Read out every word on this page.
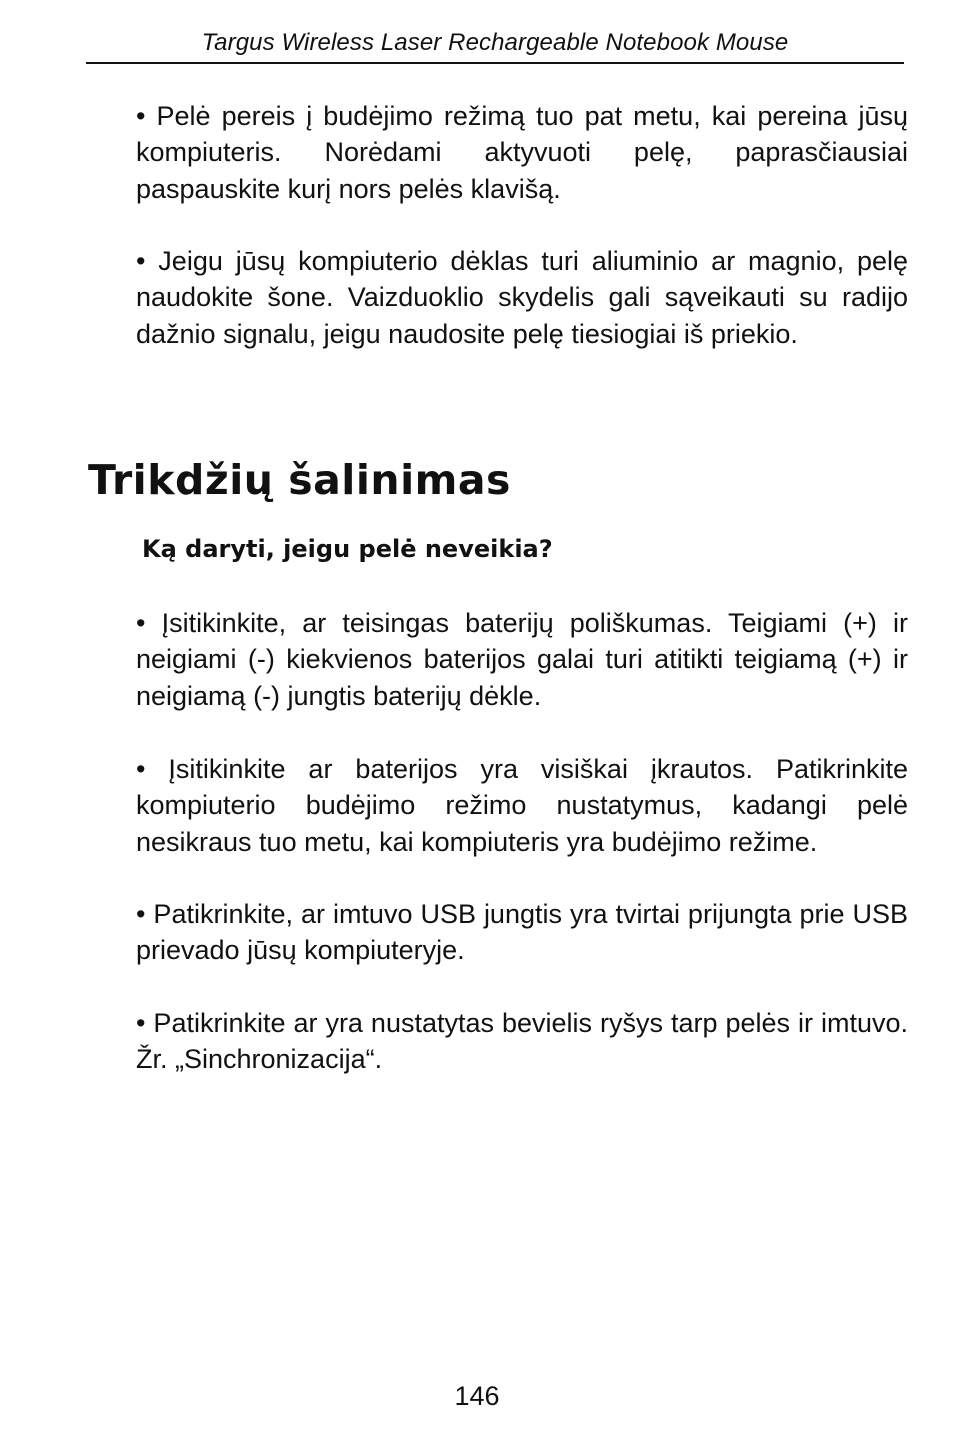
Targus Wireless Laser Rechargeable Notebook Mouse

• Pelė pereis į budėjimo režimą tuo pat metu, kai pereina jūsų kompiuteris. Norėdami aktyvuoti pelę, paprasčiausiai paspauskite kurį nors pelės klavišą.

• Jeigu jūsų kompiuterio dėklas turi aliuminio ar magnio, pelę naudokite šone. Vaizduoklio skydelis gali sąveikauti su radijo dažnio signalu, jeigu naudosite pelę tiesiogiai iš priekio.

Trikdžių šalinimas
Ką daryti, jeigu pelė neveikia?

• Įsitikinkite, ar teisingas baterijų poliškumas. Teigiami (+) ir neigiami (-) kiekvienos baterijos galai turi atitikti teigiamą (+) ir neigiamą (-) jungtis baterijų dėkle.

• Įsitikinkite ar baterijos yra visiškai įkrautos. Patikrinkite kompiuterio budėjimo režimo nustatymus, kadangi pelė nesikraus tuo metu, kai kompiuteris yra budėjimo režime.

• Patikrinkite, ar imtuvo USB jungtis yra tvirtai prijungta prie USB prievado jūsų kompiuteryje.

• Patikrinkite ar yra nustatytas bevielis ryšys tarp pelės ir imtuvo. Žr. „Sinchronizacija“.

146
